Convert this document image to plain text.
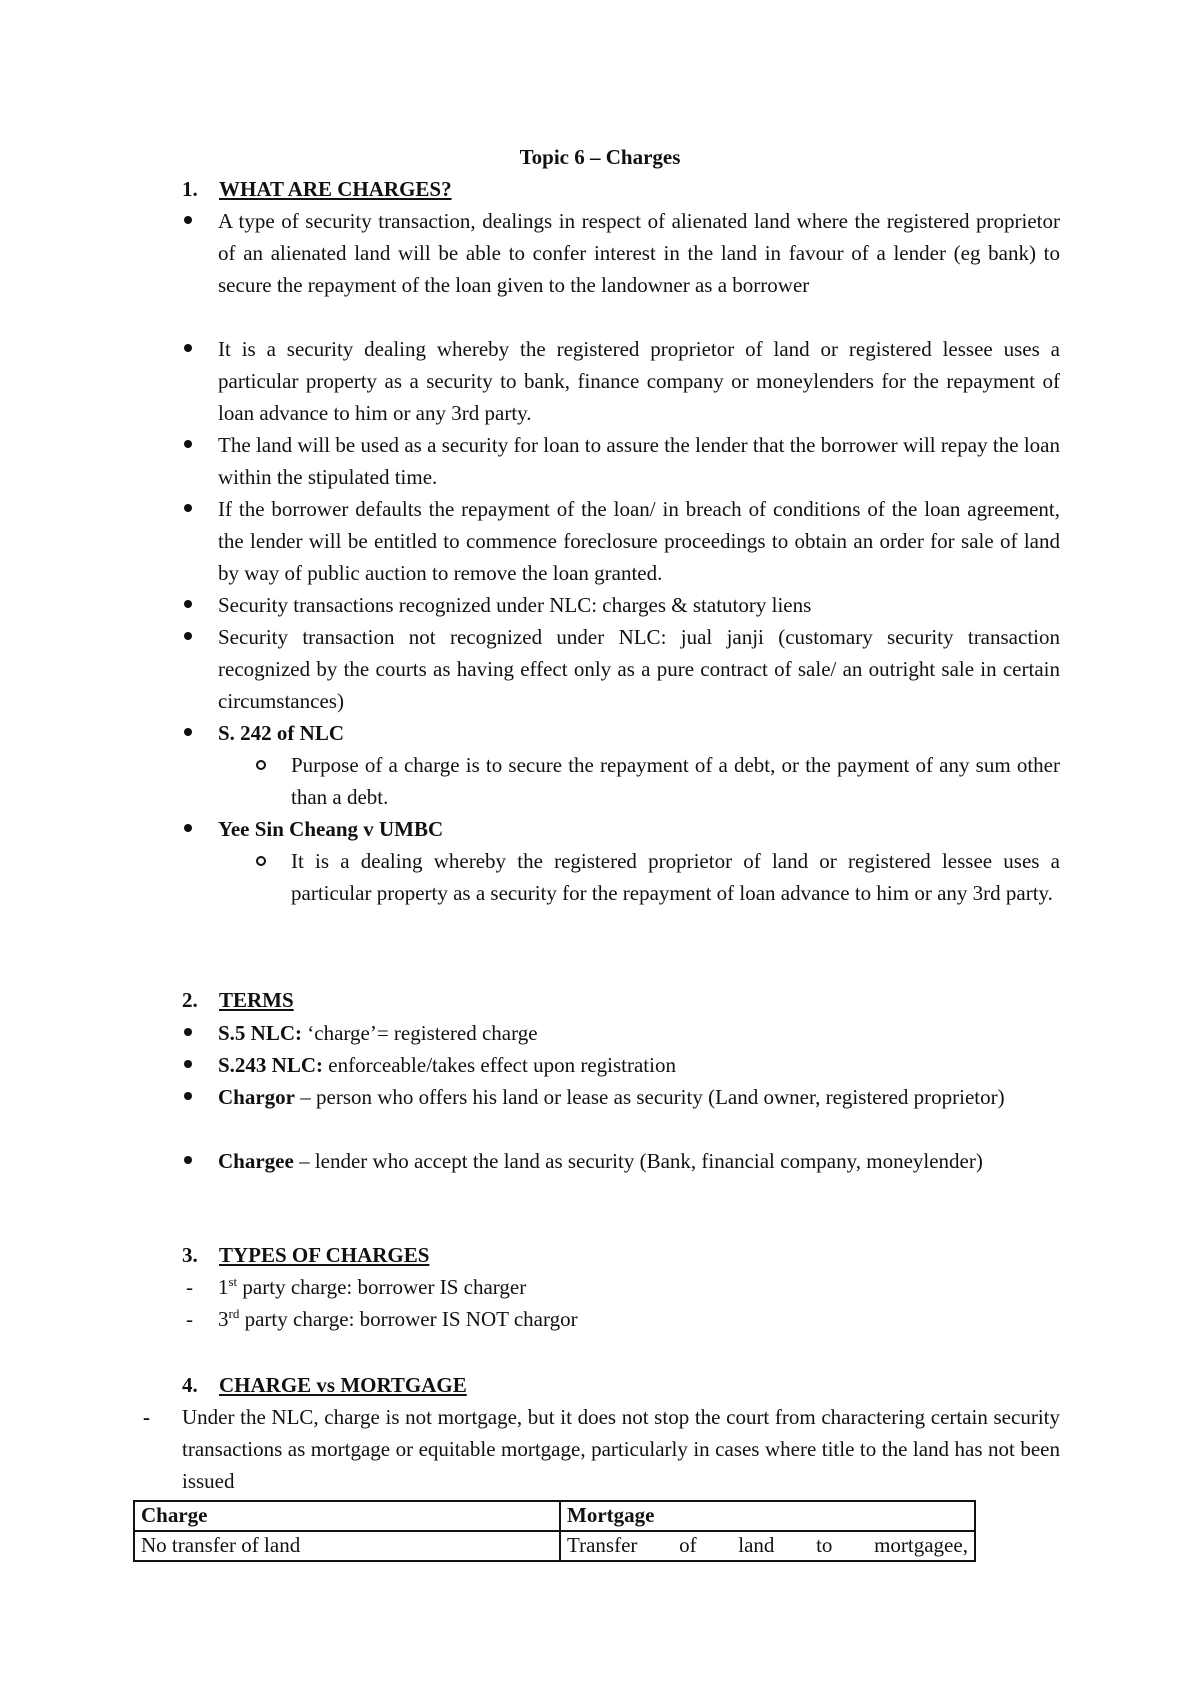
Topic 6 – Charges
1. WHAT ARE CHARGES?
A type of security transaction, dealings in respect of alienated land where the registered proprietor of an alienated land will be able to confer interest in the land in favour of a lender (eg bank) to secure the repayment of the loan given to the landowner as a borrower
It is a security dealing whereby the registered proprietor of land or registered lessee uses a particular property as a security to bank, finance company or moneylenders for the repayment of loan advance to him or any 3rd party.
The land will be used as a security for loan to assure the lender that the borrower will repay the loan within the stipulated time.
If the borrower defaults the repayment of the loan/ in breach of conditions of the loan agreement, the lender will be entitled to commence foreclosure proceedings to obtain an order for sale of land by way of public auction to remove the loan granted.
Security transactions recognized under NLC: charges & statutory liens
Security transaction not recognized under NLC: jual janji (customary security transaction recognized by the courts as having effect only as a pure contract of sale/ an outright sale in certain circumstances)
S. 242 of NLC
Purpose of a charge is to secure the repayment of a debt, or the payment of any sum other than a debt.
Yee Sin Cheang v UMBC
It is a dealing whereby the registered proprietor of land or registered lessee uses a particular property as a security for the repayment of loan advance to him or any 3rd party.
2. TERMS
S.5 NLC: ‘charge’= registered charge
S.243 NLC: enforceable/takes effect upon registration
Chargor – person who offers his land or lease as security (Land owner, registered proprietor)
Chargee – lender who accept the land as security (Bank, financial company, moneylender)
3. TYPES OF CHARGES
- 1st party charge: borrower IS charger
- 3rd party charge: borrower IS NOT chargor
4. CHARGE vs MORTGAGE
- Under the NLC, charge is not mortgage, but it does not stop the court from charactering certain security transactions as mortgage or equitable mortgage, particularly in cases where title to the land has not been issued
Charge	Mortgage
No transfer of land	Transfer of land to mortgagee,
